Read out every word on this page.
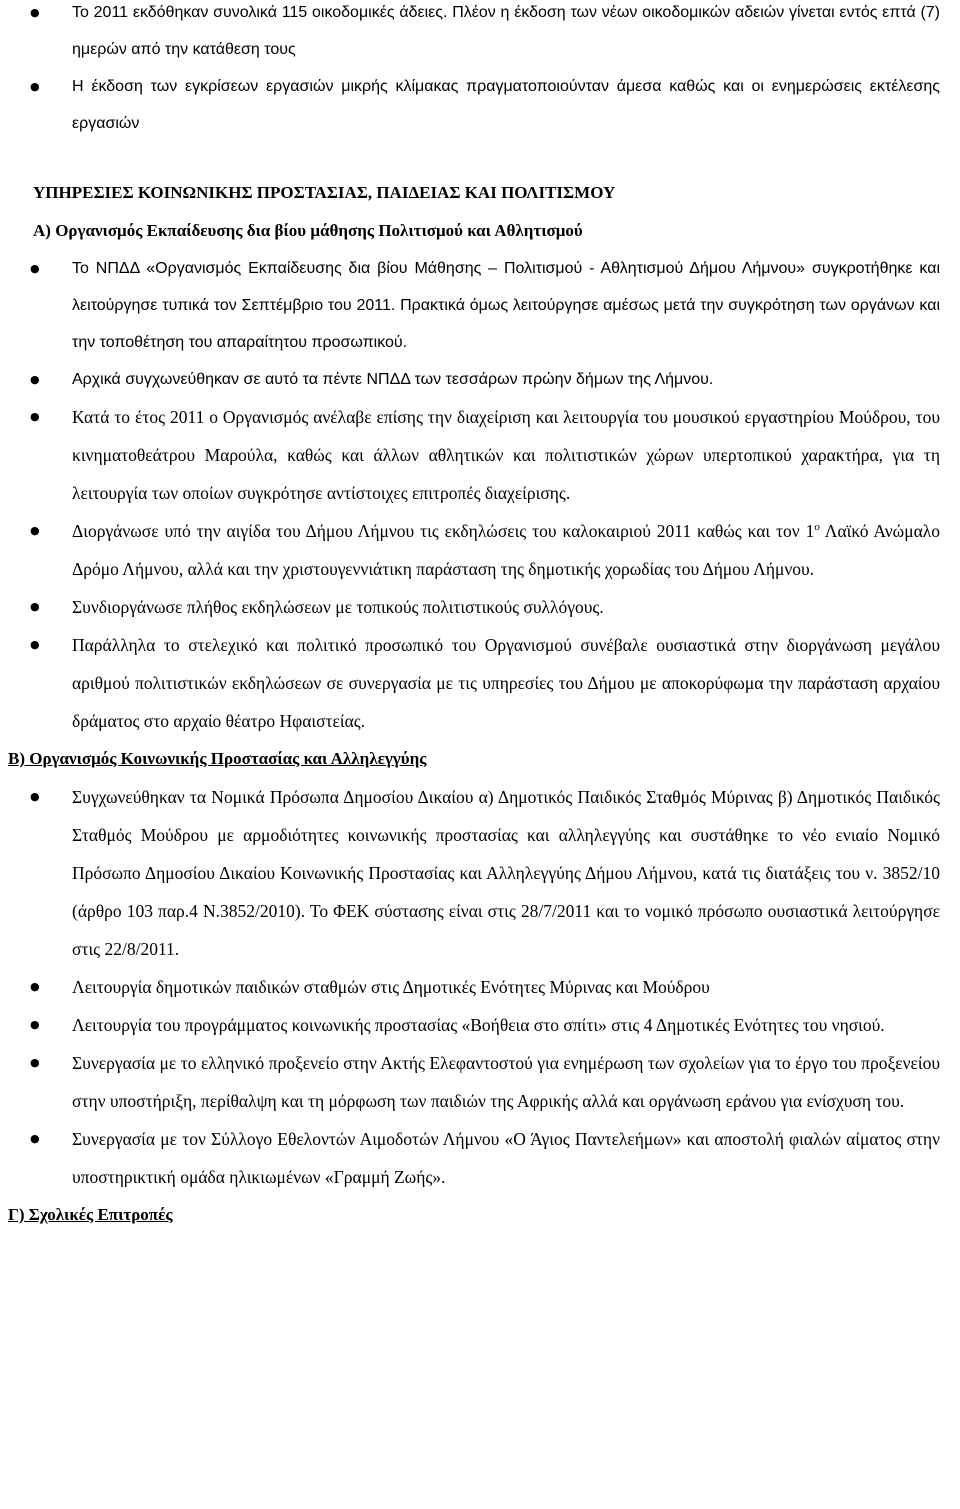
● Το 2011 εκδόθηκαν συνολικά 115 οικοδομικές άδειες. Πλέον η έκδοση των νέων οικοδομικών αδειών γίνεται εντός επτά (7) ημερών από την κατάθεση τους
● Η έκδοση των εγκρίσεων εργασιών μικρής κλίμακας πραγματοποιούνταν άμεσα καθώς και οι ενημερώσεις εκτέλεσης εργασιών
ΥΠΗΡΕΣΙΕΣ ΚΟΙΝΩΝΙΚΗΣ ΠΡΟΣΤΑΣΙΑΣ, ΠΑΙΔΕΙΑΣ ΚΑΙ ΠΟΛΙΤΙΣΜΟΥ
Α) Οργανισμός Εκπαίδευσης δια βίου μάθησης Πολιτισμού και Αθλητισμού
● Το ΝΠΔΔ «Οργανισμός Εκπαίδευσης δια βίου Μάθησης – Πολιτισμού - Αθλητισμού Δήμου Λήμνου» συγκροτήθηκε και λειτούργησε τυπικά τον Σεπτέμβριο του 2011. Πρακτικά όμως λειτούργησε αμέσως μετά την συγκρότηση των οργάνων και την τοποθέτηση του απαραίτητου προσωπικού.
● Αρχικά συγχωνεύθηκαν σε αυτό τα πέντε ΝΠΔΔ των τεσσάρων πρώην δήμων της Λήμνου.
● Κατά το έτος 2011 ο Οργανισμός ανέλαβε επίσης την διαχείριση και λειτουργία του μουσικού εργαστηρίου Μούδρου, του κινηματοθεάτρου Μαρούλα, καθώς και άλλων αθλητικών και πολιτιστικών χώρων υπερτοπικού χαρακτήρα, για τη λειτουργία των οποίων συγκρότησε αντίστοιχες επιτροπές διαχείρισης.
● Διοργάνωσε υπό την αιγίδα του Δήμου Λήμνου τις εκδηλώσεις του καλοκαιριού 2011 καθώς και τον $1^o$ Λαϊκό Ανώμαλο Δρόμο Λήμνου, αλλά και την χριστουγεννιάτικη παράσταση της δημοτικής χορωδίας του Δήμου Λήμνου.
● Συνδιοργάνωσε πλήθος εκδηλώσεων με τοπικούς πολιτιστικούς συλλόγους.
● Παράλληλα το στελεχικό και πολιτικό προσωπικό του Οργανισμού συνέβαλε ουσιαστικά στην διοργάνωση μεγάλου αριθμού πολιτιστικών εκδηλώσεων σε συνεργασία με τις υπηρεσίες του Δήμου με αποκορύφωμα την παράσταση αρχαίου δράματος στο αρχαίο θέατρο Ηφαιστείας.
Β) Οργανισμός Κοινωνικής Προστασίας και Αλληλεγγύης
● Συγχωνεύθηκαν τα Νομικά Πρόσωπα Δημοσίου Δικαίου α) Δημοτικός Παιδικός Σταθμός Μύρινας β) Δημοτικός Παιδικός Σταθμός Μούδρου με αρμοδιότητες κοινωνικής προστασίας και αλληλεγγύης και συστάθηκε το νέο ενιαίο Νομικό Πρόσωπο Δημοσίου Δικαίου Κοινωνικής Προστασίας και Αλληλεγγύης Δήμου Λήμνου, κατά τις διατάξεις του ν. 3852/10 (άρθρο 103 παρ.4 Ν.3852/2010). Το ΦΕΚ σύστασης είναι στις 28/7/2011 και το νομικό πρόσωπο ουσιαστικά λειτούργησε στις 22/8/2011.
● Λειτουργία δημοτικών παιδικών σταθμών στις Δημοτικές Ενότητες Μύρινας και Μούδρου
● Λειτουργία του προγράμματος κοινωνικής προστασίας «Βοήθεια στο σπίτι» στις 4 Δημοτικές Ενότητες του νησιού.
● Συνεργασία με το ελληνικό προξενείο στην Ακτής Ελεφαντοστού για ενημέρωση των σχολείων για το έργο του προξενείου στην υποστήριξη, περίθαλψη και τη μόρφωση των παιδιών της Αφρικής αλλά και οργάνωση εράνου για ενίσχυση του.
● Συνεργασία με τον Σύλλογο Εθελοντών Αιμοδοτών Λήμνου «Ο Άγιος Παντελεήμων» και αποστολή φιαλών αίματος στην υποστηρικτική ομάδα ηλικιωμένων «Γραμμή Ζωής».
Γ) Σχολικές Επιτροπές
